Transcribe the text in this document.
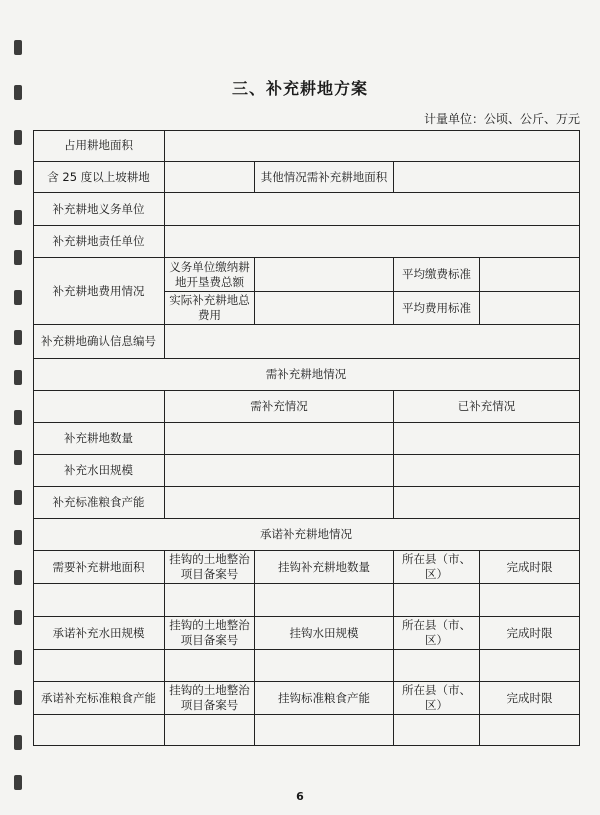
三、补充耕地方案
计量单位：公顷、公斤、万元
占用耕地面积
含 25 度以上坡耕地	其他情况需补充耕地面积
补充耕地义务单位
补充耕地责任单位
补充耕地费用情况
义务单位缴纳耕地开垦费总额
平均缴费标准
实际补充耕地总费用
平均费用标准
补充耕地确认信息编号
需补充耕地情况
需补充情况	已补充情况
补充耕地数量
补充水田规模
补充标准粮食产能
承诺补充耕地情况
需要补充耕地面积
挂钩的土地整治项目备案号
挂钩补充耕地数量
所在县（市、区）
完成时限
承诺补充水田规模
挂钩的土地整治项目备案号
挂钩水田规模
所在县（市、区）
完成时限
承诺补充标准粮食产能
挂钩的土地整治项目备案号
挂钩标准粮食产能
所在县（市、区）
完成时限
6
